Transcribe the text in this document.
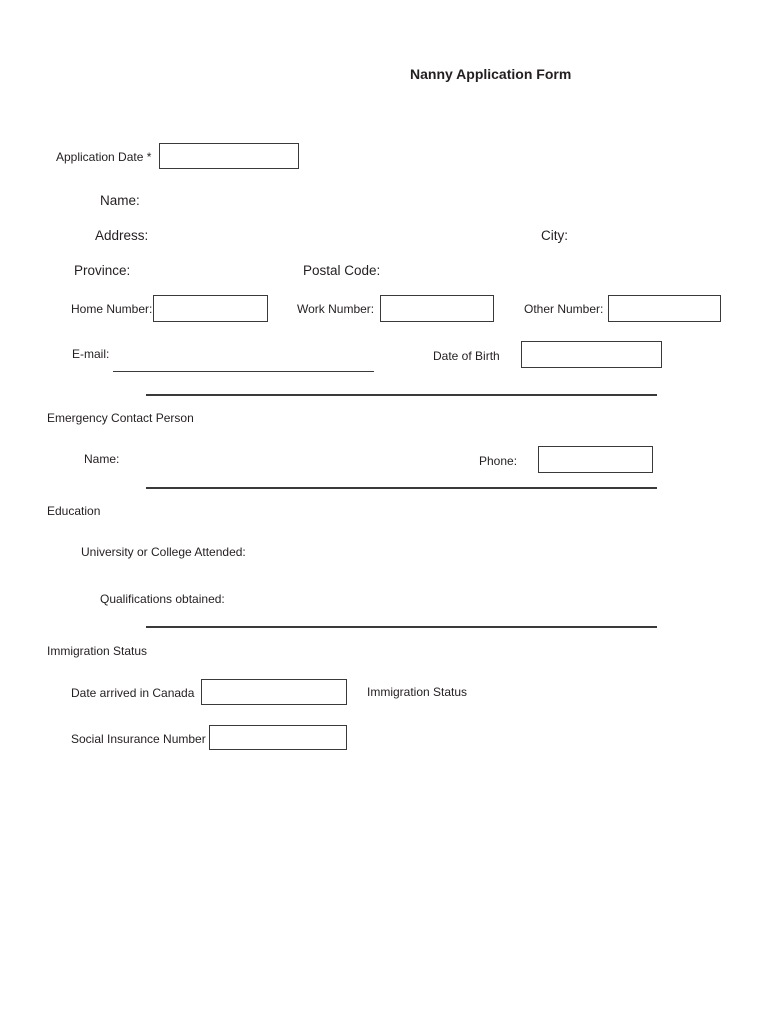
Nanny Application Form
Application Date *
Name:
Address:	City:
Province:	Postal Code:
Home Number:	Work Number:	Other Number:
E-mail:	Date of Birth
Emergency Contact Person
Name:	Phone:
Education
University or College Attended:
Qualifications obtained:
Immigration Status
Date arrived in Canada	Immigration Status
Social Insurance Number
